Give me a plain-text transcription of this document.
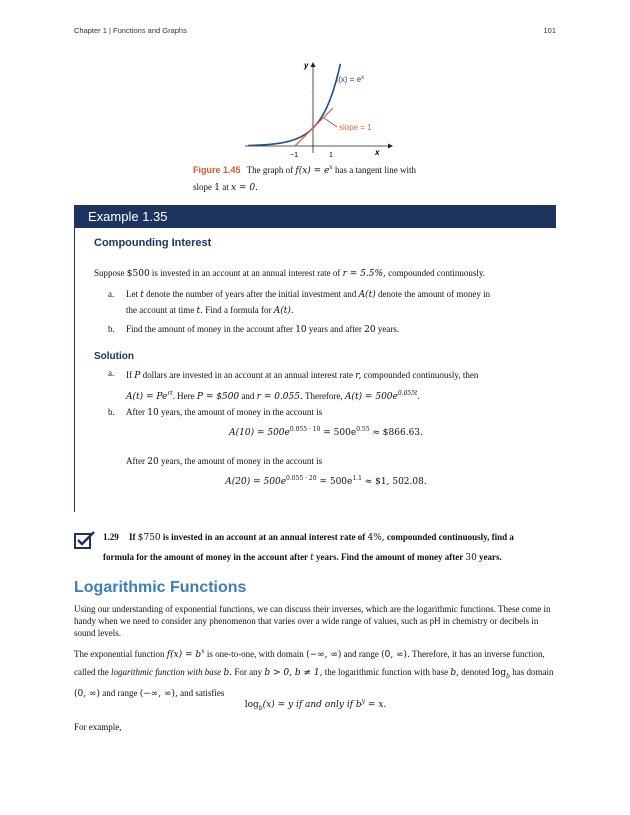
Chapter 1 | Functions and Graphs	101
y
x
−1	1
$f(x) = e^x$
slope = 1
Figure 1.45 The graph of $f(x) = e^x$ has a tangent line with
slope 1 at x = 0.
Example 1.35
Compounding Interest
Suppose $500 is invested in an account at an annual interest rate of r = 5.5%, compounded continuously.
a. Let t denote the number of years after the initial investment and A(t) denote the amount of money in
the account at time t. Find a formula for A(t).
b. Find the amount of money in the account after 10 years and after 20 years.
Solution
a. If P dollars are invested in an account at an annual interest rate r, compounded continuously, then
$A(t) = Pe^{rt}$. Here P = $500 and r = 0.055. Therefore, $A(t) = 500e^{0.055t}$.
b. After 10 years, the amount of money in the account is
$A(10) = 500e^{0.055 \cdot 10} = 500e^{0.55}$ ≈ $866.63.
After 20 years, the amount of money in the account is
$A(20) = 500e^{0.055 \cdot 20} = 500e^{1.1}$ ≈ $1, 502.08.
1.29 If $750 is invested in an account at an annual interest rate of 4%, compounded continuously, find a
formula for the amount of money in the account after t years. Find the amount of money after 30 years.
Logarithmic Functions
Using our understanding of exponential functions, we can discuss their inverses, which are the logarithmic functions. These come in handy when we need to consider any phenomenon that varies over a wide range of values, such as pH in chemistry or decibels in sound levels.
The exponential function $f(x) = b^x$ is one-to-one, with domain (−∞, ∞) and range (0, ∞). Therefore, it has an inverse function, called the logarithmic function with base b. For any b > 0, b ≠ 1, the logarithmic function with base b, denoted $\log_b$ has domain (0, ∞) and range (−∞, ∞), and satisfies
$\log_b(x) = y$ if and only if $b^y = x$.
For example,
